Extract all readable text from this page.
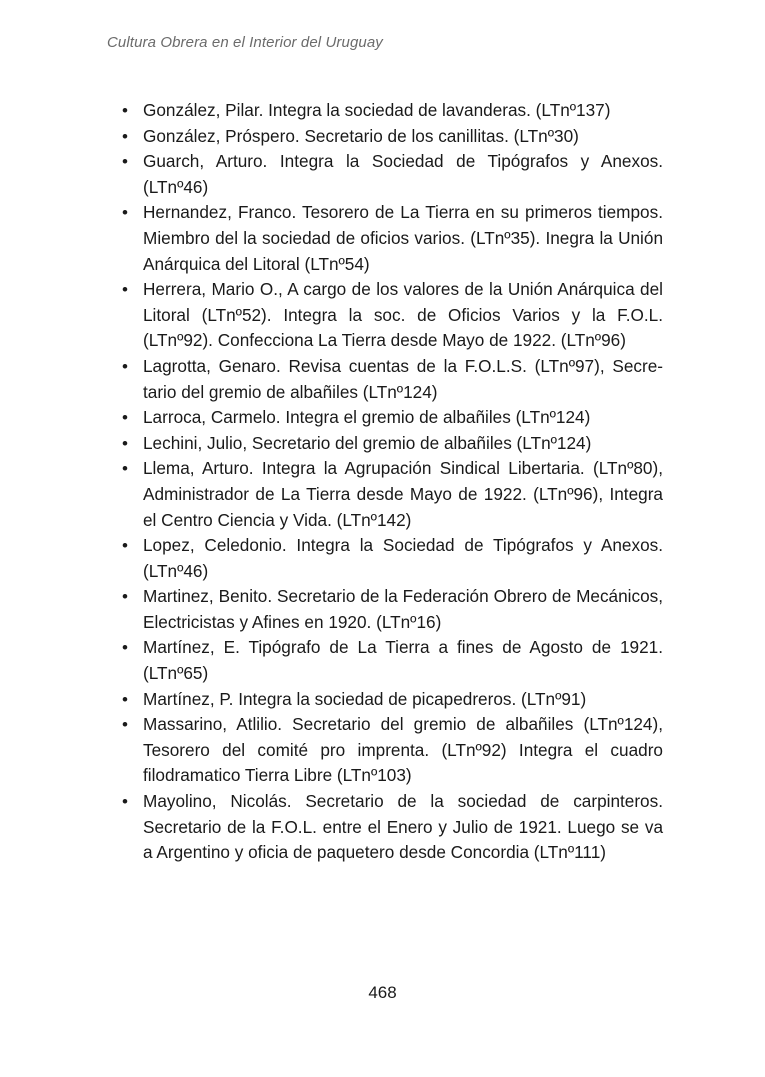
Cultura Obrera en el Interior del Uruguay
• González, Pilar. Integra la sociedad de lavanderas. (LTnº137)
• González, Próspero. Secretario de los canillitas. (LTnº30)
• Guarch, Arturo. Integra la Sociedad de Tipógrafos y Anexos. (LTnº46)
• Hernandez, Franco. Tesorero de La Tierra en su primeros tiempos. Miembro del la sociedad de oficios varios. (LTnº35). Inegra la Unión Anárquica del Litoral (LTnº54)
• Herrera, Mario O., A cargo de los valores de la Unión Anárquica del Litoral (LTnº52). Integra la soc. de Oficios Varios y la F.O.L. (LTnº92). Confecciona La Tierra desde Mayo de 1922. (LTnº96)
• Lagrotta, Genaro. Revisa cuentas de la F.O.L.S. (LTnº97), Secretario del gremio de albañiles (LTnº124)
• Larroca, Carmelo. Integra el gremio de albañiles (LTnº124)
• Lechini, Julio, Secretario del gremio de albañiles (LTnº124)
• Llema, Arturo. Integra la Agrupación Sindical Libertaria. (LTnº80), Administrador de La Tierra desde Mayo de 1922. (LTnº96), Integra el Centro Ciencia y Vida. (LTnº142)
• Lopez, Celedonio. Integra la Sociedad de Tipógrafos y Anexos. (LTnº46)
• Martinez, Benito. Secretario de la Federación Obrero de Mecánicos, Electricistas y Afines en 1920. (LTnº16)
• Martínez, E. Tipógrafo de La Tierra a fines de Agosto de 1921. (LTnº65)
• Martínez, P. Integra la sociedad de picapedreros. (LTnº91)
• Massarino, Atlilio. Secretario del gremio de albañiles (LTnº124), Tesorero del comité pro imprenta. (LTnº92) Integra el cuadro filodramatico Tierra Libre (LTnº103)
• Mayolino, Nicolás. Secretario de la sociedad de carpinteros. Secretario de la F.O.L. entre el Enero y Julio de 1921. Luego se va a Argentino y oficia de paquetero desde Concordia (LTnº111)
468
